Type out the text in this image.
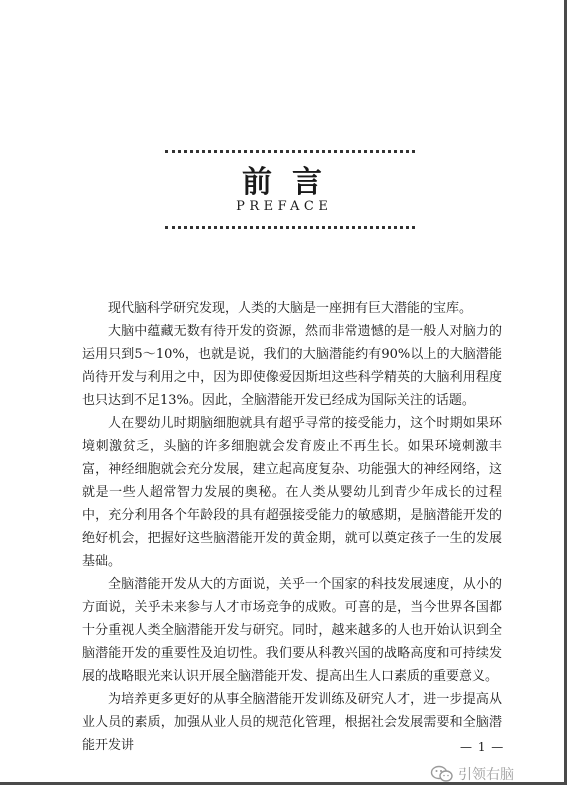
前言
PREFACE

现代脑科学研究发现，人类的大脑是一座拥有巨大潜能的宝库。

大脑中蕴藏无数有待开发的资源，然而非常遗憾的是一般人对脑力的运用只到5～10%，也就是说，我们的大脑潜能约有90%以上的大脑潜能尚待开发与利用之中，因为即使像爱因斯坦这些科学精英的大脑利用程度也只达到不足13%。因此，全脑潜能开发已经成为国际关注的话题。

人在婴幼儿时期脑细胞就具有超乎寻常的接受能力，这个时期如果环境刺激贫乏，头脑的许多细胞就会发育废止不再生长。如果环境刺激丰富，神经细胞就会充分发展，建立起高度复杂、功能强大的神经网络，这就是一些人超常智力发展的奥秘。在人类从婴幼儿到青少年成长的过程中，充分利用各个年龄段的具有超强接受能力的敏感期，是脑潜能开发的绝好机会，把握好这些脑潜能开发的黄金期，就可以奠定孩子一生的发展基础。

全脑潜能开发从大的方面说，关乎一个国家的科技发展速度，从小的方面说，关乎未来参与人才市场竞争的成败。可喜的是，当今世界各国都十分重视人类全脑潜能开发与研究。同时，越来越多的人也开始认识到全脑潜能开发的重要性及迫切性。我们要从科教兴国的战略高度和可持续发展的战略眼光来认识开展全脑潜能开发、提高出生人口素质的重要意义。

为培养更多更好的从事全脑潜能开发训练及研究人才，进一步提高从业人员的素质，加强从业人员的规范化管理，根据社会发展需要和全脑潜能开发讲	— 1 —
引领右脑
